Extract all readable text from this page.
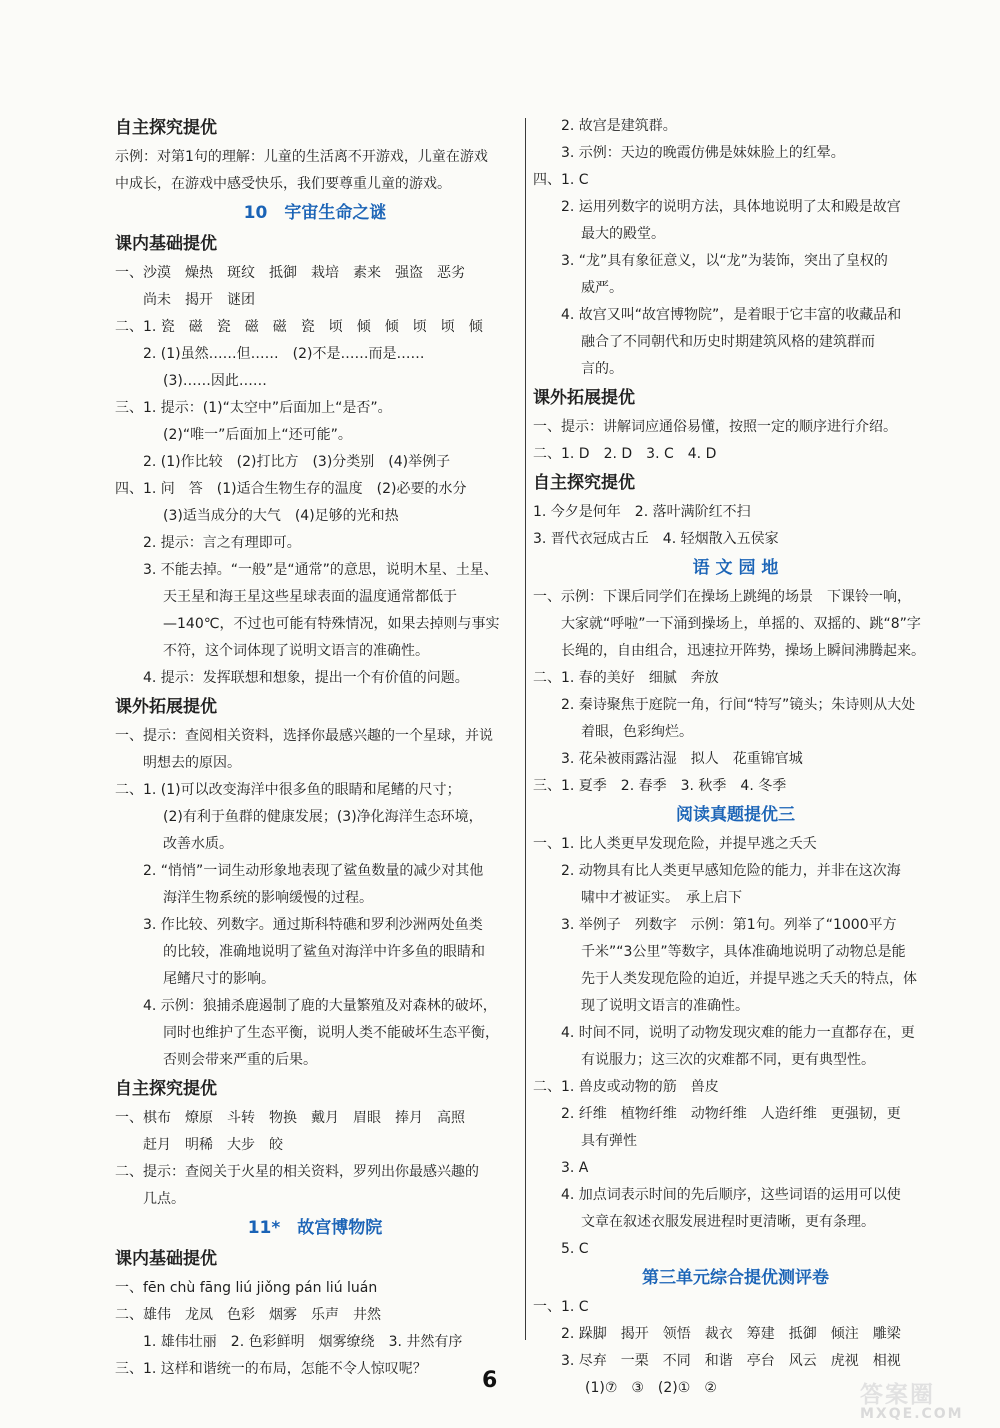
自主探究提优
示例：对第1句的理解：儿童的生活离不开游戏，儿童在游戏
中成长，在游戏中感受快乐，我们要尊重儿童的游戏。
10　宇宙生命之谜
课内基础提优
一、沙漠　燥热　斑纹　抵御　栽培　素来　强盗　恶劣
尚未　揭开　谜团
二、1. 瓷　磁　瓷　磁　磁　瓷　顷　倾　倾　顷　顷　倾
2. (1)虽然……但……　(2)不是……而是……
(3)……因此……
三、1. 提示：(1)“太空中”后面加上“是否”。
(2)“唯一”后面加上“还可能”。
2. (1)作比较　(2)打比方　(3)分类别　(4)举例子
四、1. 问　答　(1)适合生物生存的温度　(2)必要的水分
(3)适当成分的大气　(4)足够的光和热
2. 提示：言之有理即可。
3. 不能去掉。“一般”是“通常”的意思，说明木星、土星、
天王星和海王星这些星球表面的温度通常都低于
—140℃，不过也可能有特殊情况，如果去掉则与事实
不符，这个词体现了说明文语言的准确性。
4. 提示：发挥联想和想象，提出一个有价值的问题。
课外拓展提优
一、提示：查阅相关资料，选择你最感兴趣的一个星球，并说
明想去的原因。
二、1. (1)可以改变海洋中很多鱼的眼睛和尾鳍的尺寸；
(2)有利于鱼群的健康发展；(3)净化海洋生态环境，
改善水质。
2. “悄悄”一词生动形象地表现了鲨鱼数量的减少对其他
海洋生物系统的影响缓慢的过程。
3. 作比较、列数字。通过斯科特礁和罗利沙洲两处鱼类
的比较，准确地说明了鲨鱼对海洋中许多鱼的眼睛和
尾鳍尺寸的影响。
4. 示例：狼捕杀鹿遏制了鹿的大量繁殖及对森林的破坏，
同时也维护了生态平衡，说明人类不能破坏生态平衡，
否则会带来严重的后果。
自主探究提优
一、棋布　燎原　斗转　物换　戴月　眉眼　捧月　高照
赶月　明稀　大步　皎
二、提示：查阅关于火星的相关资料，罗列出你最感兴趣的
几点。
11*　故宫博物院
课内基础提优
一、fēn chù fāng liú jiǒng pán liú luán
二、雄伟　龙凤　色彩　烟雾　乐声　井然
1. 雄伟壮丽　2. 色彩鲜明　烟雾缭绕　3. 井然有序
三、1. 这样和谐统一的布局，怎能不令人惊叹呢？
2. 故宫是建筑群。
3. 示例：天边的晚霞仿佛是妹妹脸上的红晕。
四、1. C
2. 运用列数字的说明方法，具体地说明了太和殿是故宫
最大的殿堂。
3. “龙”具有象征意义，以“龙”为装饰，突出了皇权的
威严。
4. 故宫又叫“故宫博物院”，是着眼于它丰富的收藏品和
融合了不同朝代和历史时期建筑风格的建筑群而
言的。
课外拓展提优
一、提示：讲解词应通俗易懂，按照一定的顺序进行介绍。
二、1. D　2. D　3. C　4. D
自主探究提优
1. 今夕是何年　2. 落叶满阶红不扫
3. 晋代衣冠成古丘　4. 轻烟散入五侯家
语 文 园 地
一、示例：下课后同学们在操场上跳绳的场景　下课铃一响，
大家就“呼啦”一下涌到操场上，单摇的、双摇的、跳“8”字
长绳的，自由组合，迅速拉开阵势，操场上瞬间沸腾起来。
二、1. 春的美好　细腻　奔放
2. 秦诗聚焦于庭院一角，行间“特写”镜头；朱诗则从大处
着眼，色彩绚烂。
3. 花朵被雨露沾湿　拟人　花重锦官城
三、1. 夏季　2. 春季　3. 秋季　4. 冬季
阅读真题提优三
一、1. 比人类更早发现危险，并提早逃之夭夭
2. 动物具有比人类更早感知危险的能力，并非在这次海
啸中才被证实。　承上启下
3. 举例子　列数字　示例：第1句。列举了“1000平方
千米”“3公里”等数字，具体准确地说明了动物总是能
先于人类发现危险的迫近，并提早逃之夭夭的特点，体
现了说明文语言的准确性。
4. 时间不同，说明了动物发现灾难的能力一直都存在，更
有说服力；这三次的灾难都不同，更有典型性。
二、1. 兽皮或动物的筋　兽皮
2. 纤维　植物纤维　动物纤维　人造纤维　更强韧，更
具有弹性
3. A
4. 加点词表示时间的先后顺序，这些词语的运用可以使
文章在叙述衣服发展进程时更清晰，更有条理。
5. C
第三单元综合提优测评卷
一、1. C
2. 跺脚　揭开　领悟　裁衣　筹建　抵御　倾注　雕梁
3. 尽弃　一栗　不同　和谐　亭台　风云　虎视　相视
(1)⑦　③　(2)①　②
6
答案圈
MXQE.COM
